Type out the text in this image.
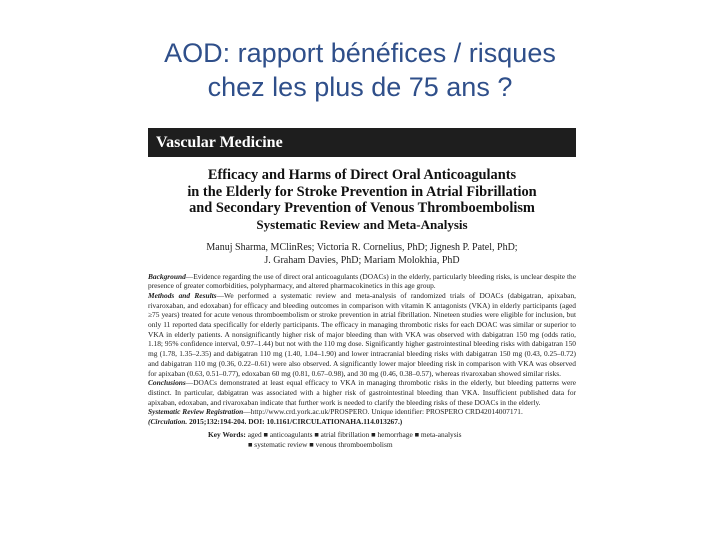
AOD: rapport bénéfices / risques
chez les plus de 75 ans ?
Vascular Medicine
Efficacy and Harms of Direct Oral Anticoagulants
in the Elderly for Stroke Prevention in Atrial Fibrillation
and Secondary Prevention of Venous Thromboembolism
Systematic Review and Meta-Analysis
Manuj Sharma, MClinRes; Victoria R. Cornelius, PhD; Jignesh P. Patel, PhD;
J. Graham Davies, PhD; Mariam Molokhia, PhD

Background—Evidence regarding the use of direct oral anticoagulants (DOACs) in the elderly, particularly bleeding risks, is unclear despite the presence of greater comorbidities, polypharmacy, and altered pharmacokinetics in this age group.

Methods and Results—We performed a systematic review and meta-analysis of randomized trials of DOACs (dabigatran, apixaban, rivaroxaban, and edoxaban) for efficacy and bleeding outcomes in comparison with vitamin K antagonists (VKA) in elderly participants (aged ≥75 years) treated for acute venous thromboembolism or stroke prevention in atrial fibrillation. Nineteen studies were eligible for inclusion, but only 11 reported data specifically for elderly participants. The efficacy in managing thrombotic risks for each DOAC was similar or superior to VKA in elderly patients. A nonsignificantly higher risk of major bleeding than with VKA was observed with dabigatran 150 mg (odds ratio, 1.18; 95% confidence interval, 0.97–1.44) but not with the 110 mg dose. Significantly higher gastrointestinal bleeding risks with dabigatran 150 mg (1.78, 1.35–2.35) and dabigatran 110 mg (1.40, 1.04–1.90) and lower intracranial bleeding risks with dabigatran 150 mg (0.43, 0.25–0.72) and dabigatran 110 mg (0.36, 0.22–0.61) were also observed. A significantly lower major bleeding risk in comparison with VKA was observed for apixaban (0.63, 0.51–0.77), edoxaban 60 mg (0.81, 0.67–0.98), and 30 mg (0.46, 0.38–0.57), whereas rivaroxaban showed similar risks.

Conclusions—DOACs demonstrated at least equal efficacy to VKA in managing thrombotic risks in the elderly, but bleeding patterns were distinct. In particular, dabigatran was associated with a higher risk of gastrointestinal bleeding than VKA. Insufficient published data for apixaban, edoxaban, and rivaroxaban indicate that further work is needed to clarify the bleeding risks of these DOACs in the elderly.

Systematic Review Registration—http://www.crd.york.ac.uk/PROSPERO. Unique identifier: PROSPERO CRD42014007171.

(Circulation. 2015;132:194-204. DOI: 10.1161/CIRCULATIONAHA.114.013267.)

Key Words: aged ■ anticoagulants ■ atrial fibrillation ■ hemorrhage ■ meta-analysis
■ systematic review ■ venous thromboembolism
